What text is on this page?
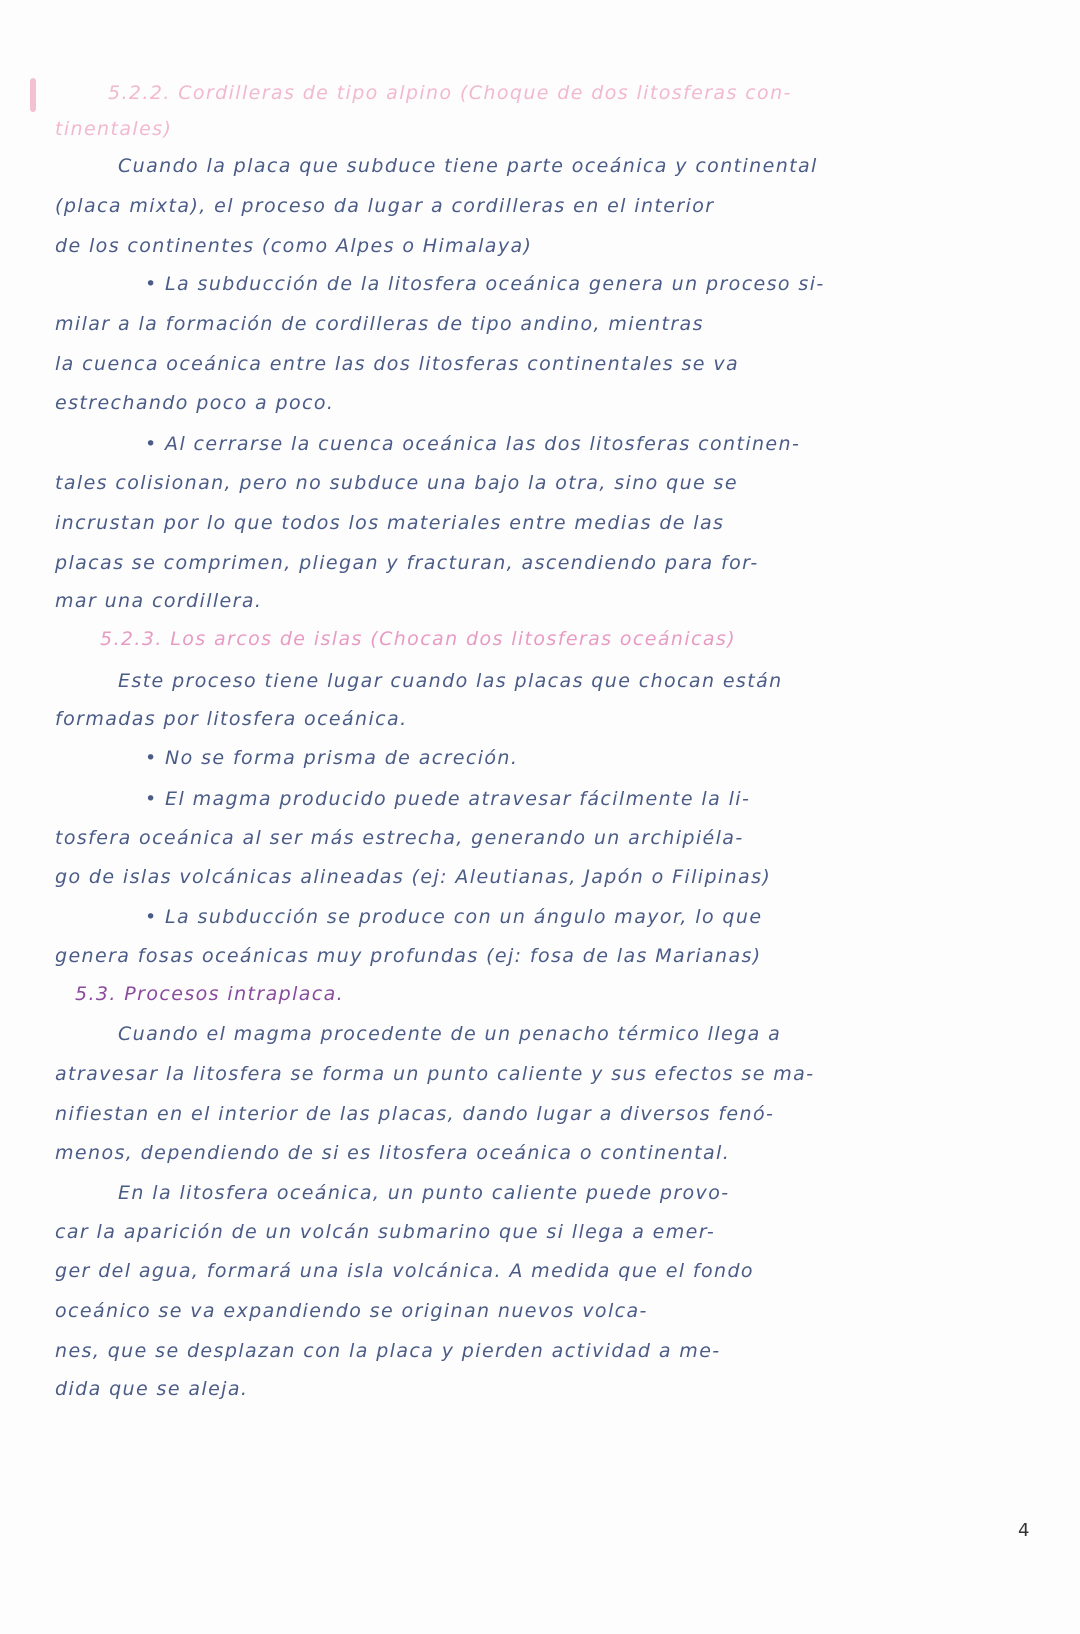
5.2.2. Cordilleras de tipo alpino (Choque de dos litosferas con-
tinentales)
Cuando la placa que subduce tiene parte oceánica y continental
(placa mixta), el proceso da lugar a cordilleras en el interior
de los continentes (como Alpes o Himalaya)
• La subducción de la litosfera oceánica genera un proceso si-
milar a la formación de cordilleras de tipo andino, mientras
la cuenca oceánica entre las dos litosferas continentales se va
estrechando poco a poco.
• Al cerrarse la cuenca oceánica las dos litosferas continen-
tales colisionan, pero no subduce una bajo la otra, sino que se
incrustan por lo que todos los materiales entre medias de las
placas se comprimen, pliegan y fracturan, ascendiendo para for-
mar una cordillera.
5.2.3. Los arcos de islas (Chocan dos litosferas oceánicas)
Este proceso tiene lugar cuando las placas que chocan están
formadas por litosfera oceánica.
• No se forma prisma de acreción.
• El magma producido puede atravesar fácilmente la li-
tosfera oceánica al ser más estrecha, generando un archipiéla-
go de islas volcánicas alineadas (ej: Aleutianas, Japón o Filipinas)
• La subducción se produce con un ángulo mayor, lo que
genera fosas oceánicas muy profundas (ej: fosa de las Marianas)
5.3. Procesos intraplaca.
Cuando el magma procedente de un penacho térmico llega a
atravesar la litosfera se forma un punto caliente y sus efectos se ma-
nifiestan en el interior de las placas, dando lugar a diversos fenó-
menos, dependiendo de si es litosfera oceánica o continental.
En la litosfera oceánica, un punto caliente puede provo-
car la aparición de un volcán submarino que si llega a emer-
ger del agua, formará una isla volcánica. A medida que el fondo
oceánico se va expandiendo se originan nuevos volca-
nes, que se desplazan con la placa y pierden actividad a me-
dida que se aleja.
4
